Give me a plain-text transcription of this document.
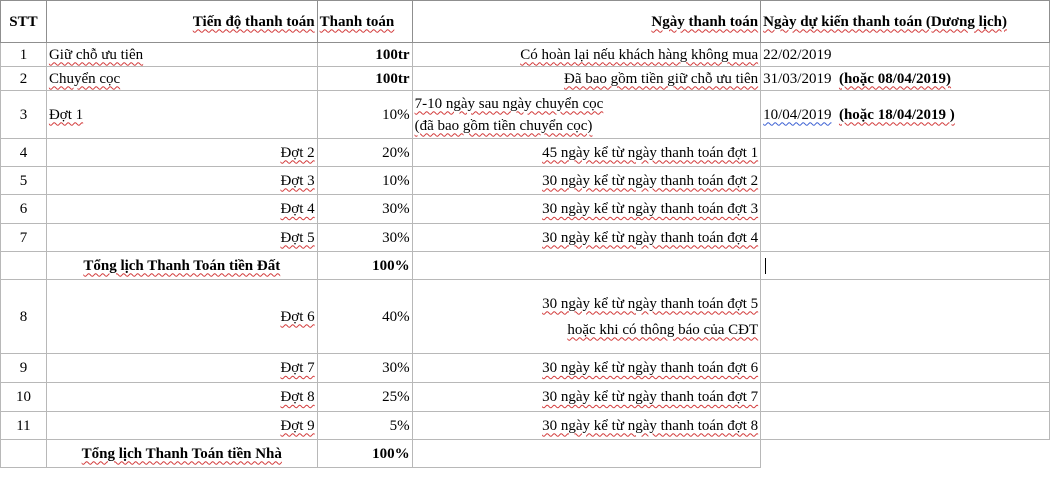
STT	Tiến độ thanh toán	Thanh toán	Ngày thanh toán	Ngày dự kiến thanh toán (Dương lịch)
1	Giữ chỗ ưu tiên	100tr	Có hoàn lại nếu khách hàng không mua	22/02/2019
2	Chuyển cọc	100tr	Đã bao gồm tiền giữ chỗ ưu tiên	31/03/2019 (hoặc 08/04/2019)
3	Đợt 1	10%	7-10 ngày sau ngày chuyển cọc
(đã bao gồm tiền chuyển cọc)	10/04/2019 (hoặc 18/04/2019 )
4	Đợt 2	20%	45 ngày kể từ ngày thanh toán đợt 1	
5	Đợt 3	10%	30 ngày kể từ ngày thanh toán đợt 2	
6	Đợt 4	30%	30 ngày kể từ ngày thanh toán đợt 3	
7	Đợt 5	30%	30 ngày kể từ ngày thanh toán đợt 4	
	Tổng lịch Thanh Toán tiền Đất	100%		
8	Đợt 6	40%	30 ngày kể từ ngày thanh toán đợt 5
hoặc khi có thông báo của CĐT	

9	Đợt 7	30%	30 ngày kể từ ngày thanh toán đợt 6	
10	Đợt 8	25%	30 ngày kể từ ngày thanh toán đợt 7	
11	Đợt 9	5%	30 ngày kể từ ngày thanh toán đợt 8	
	Tổng lịch Thanh Toán tiền Nhà	100%		
